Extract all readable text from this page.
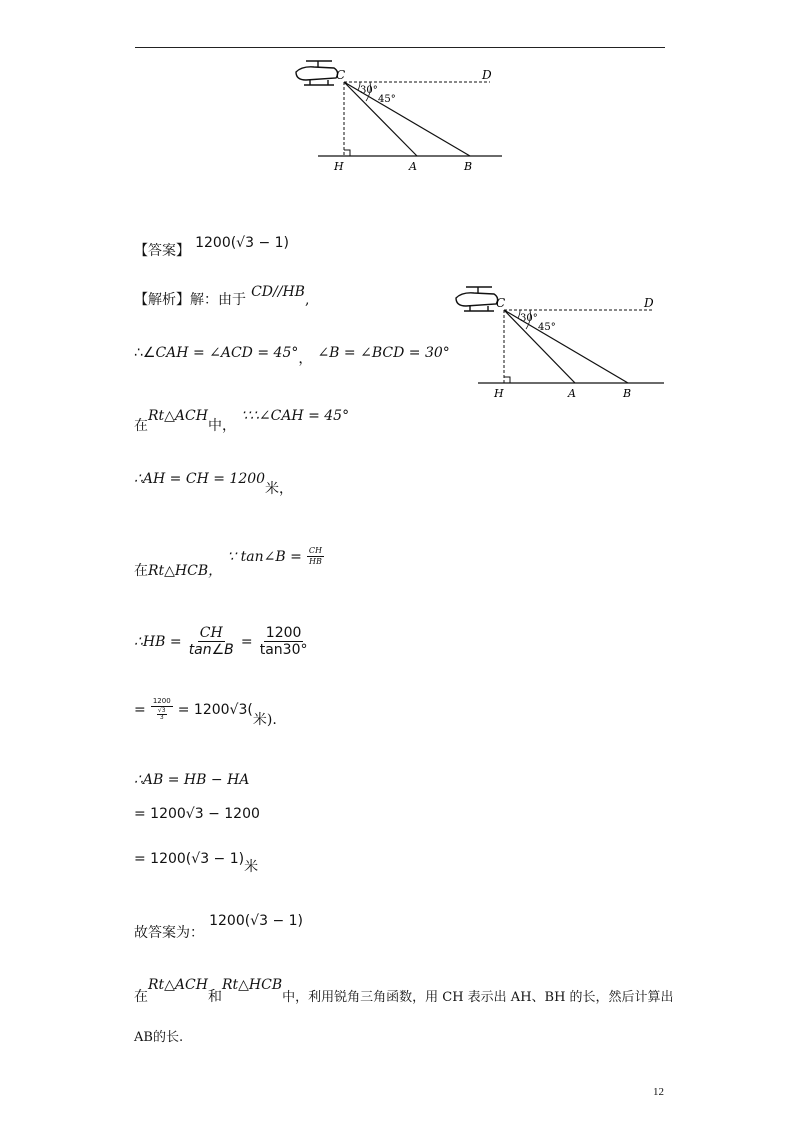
C	D
H	A	B
30°
45°
【答案】 1200(√3 − 1)
【解析】解：由于 CD//HB,
∴∠CAH = ∠ACD = 45°， ∠B = ∠BCD = 30°
C	D
H	A	B
30°
45°
在Rt△ACH中， ∵∴∠CAH = 45°
∴AH = CH = 1200米，
在Rt△HCB， ∵ tan∠B = $\frac{CH}{HB}$
∴HB = $\frac{CH}{\tan\angle B} = \frac{1200}{\tan 30^\circ}$
= 1200
√3
3 = 1200√3(米).
∴AB = HB − HA
= 1200√3 − 1200
= 1200(√3 − 1)米
故答案为： 1200(√3 − 1)
在Rt△ACH和$Rt\triangle HCB_{中,利用锐角三角函数,用 CH 表示出 AH、BH 的长,然后计算出}$
AB的长.
12
